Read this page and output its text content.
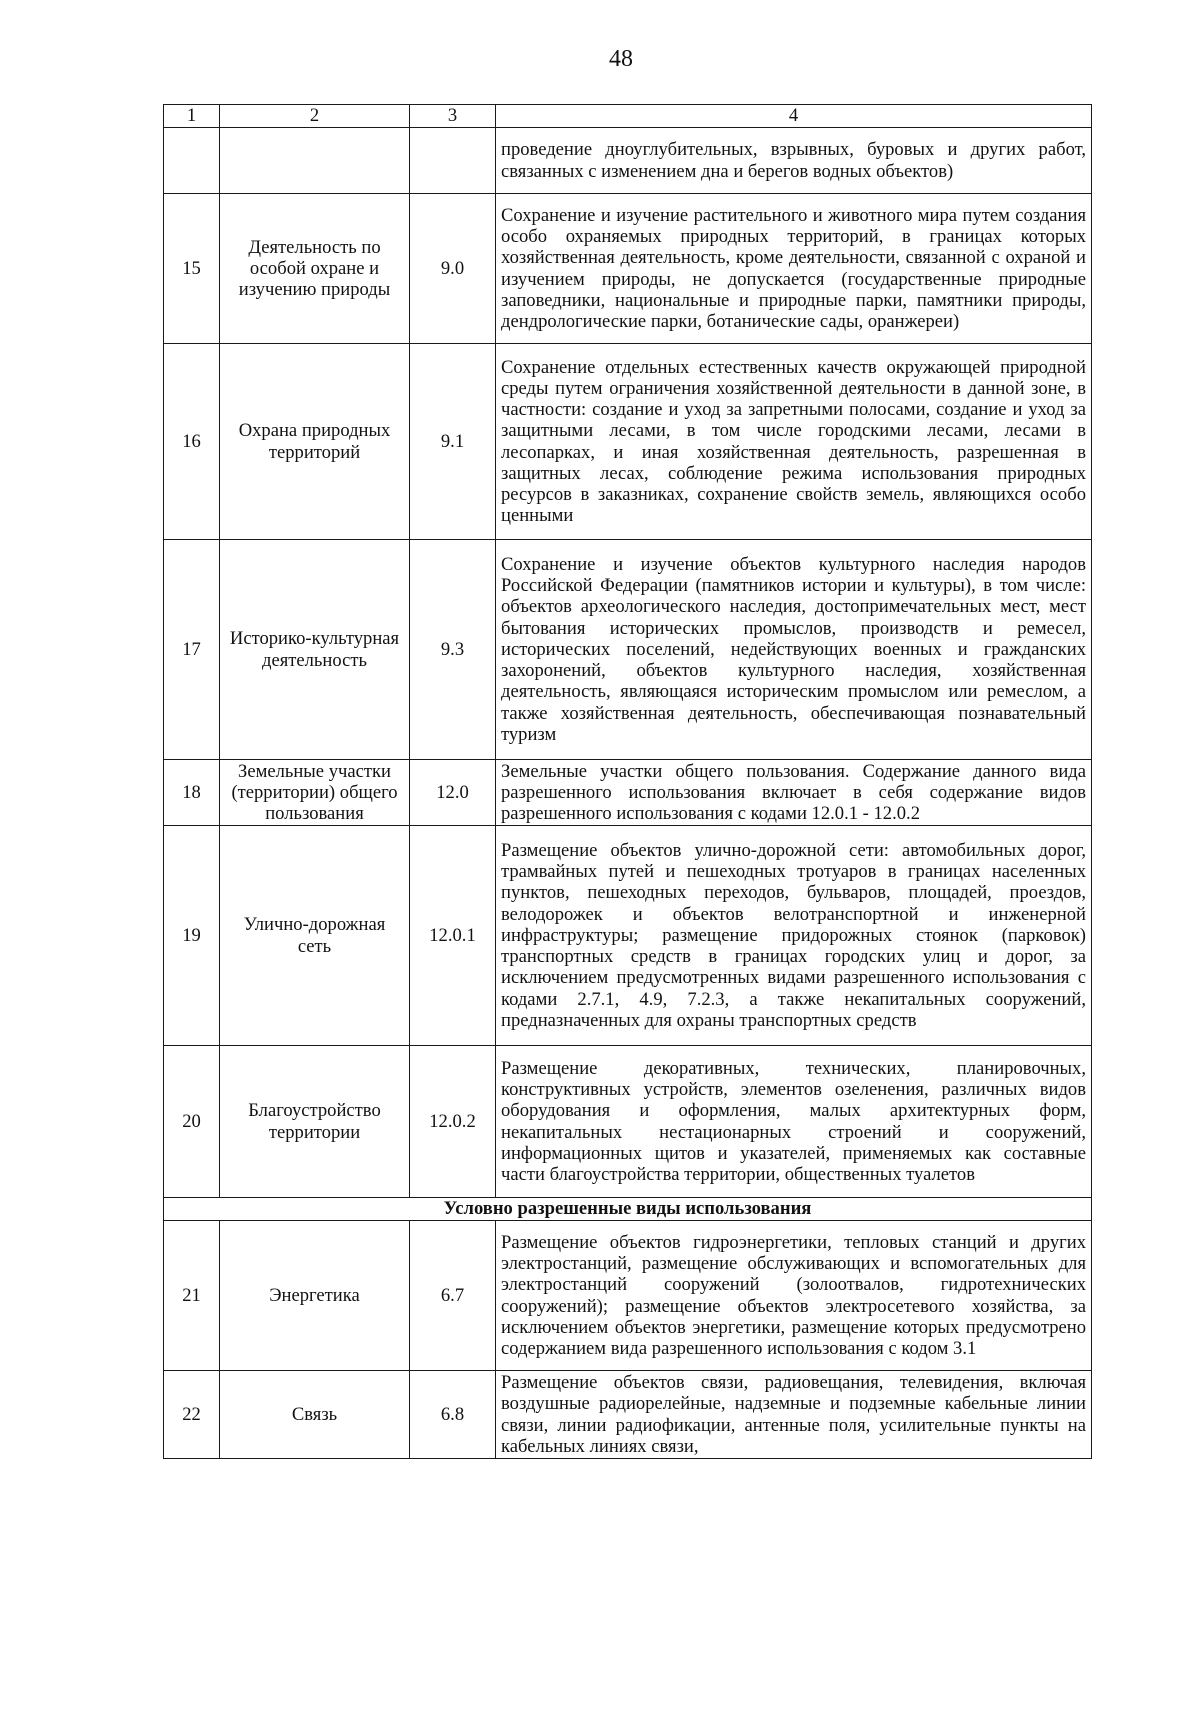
48
1	2	3	4
			проведение дноуглубительных, взрывных, буровых и других работ, связанных с изменением дна и берегов водных объектов)
15	Деятельность по особой охране и изучению природы	9.0	Сохранение и изучение растительного и животного мира путем создания особо охраняемых природных территорий, в границах которых хозяйственная деятельность, кроме деятельности, связанной с охраной и изучением природы, не допускается (государственные природные заповедники, национальные и природные парки, памятники природы, дендрологические парки, ботанические сады, оранжереи)
16	Охрана природных территорий	9.1	Сохранение отдельных естественных качеств окружающей природной среды путем ограничения хозяйственной деятельности в данной зоне, в частности: создание и уход за запретными полосами, создание и уход за защитными лесами, в том числе городскими лесами, лесами в лесопарках, и иная хозяйственная деятельность, разрешенная в защитных лесах, соблюдение режима использования природных ресурсов в заказниках, сохранение свойств земель, являющихся особо ценными
17	Историко-культурная деятельность	9.3	Сохранение и изучение объектов культурного наследия народов Российской Федерации (памятников истории и культуры), в том числе: объектов археологического наследия, достопримечательных мест, мест бытования исторических промыслов, производств и ремесел, исторических поселений, недействующих военных и гражданских захоронений, объектов культурного наследия, хозяйственная деятельность, являющаяся историческим промыслом или ремеслом, а также хозяйственная деятельность, обеспечивающая познавательный туризм
18	Земельные участки (территории) общего пользования	12.0	Земельные участки общего пользования. Содержание данного вида разрешенного использования включает в себя содержание видов разрешенного использования с кодами 12.0.1 - 12.0.2
19	Улично-дорожная сеть	12.0.1	Размещение объектов улично-дорожной сети: автомобильных дорог, трамвайных путей и пешеходных тротуаров в границах населенных пунктов, пешеходных переходов, бульваров, площадей, проездов, велодорожек и объектов велотранспортной и инженерной инфраструктуры; размещение придорожных стоянок (парковок) транспортных средств в границах городских улиц и дорог, за исключением предусмотренных видами разрешенного использования с кодами 2.7.1, 4.9, 7.2.3, а также некапитальных сооружений, предназначенных для охраны транспортных средств
20	Благоустройство территории	12.0.2	Размещение декоративных, технических, планировочных, конструктивных устройств, элементов озеленения, различных видов оборудования и оформления, малых архитектурных форм, некапитальных нестационарных строений и сооружений, информационных щитов и указателей, применяемых как составные части благоустройства территории, общественных туалетов
Условно разрешенные виды использования			
21	Энергетика	6.7	Размещение объектов гидроэнергетики, тепловых станций и других электростанций, размещение обслуживающих и вспомогательных для электростанций сооружений (золоотвалов, гидротехнических сооружений); размещение объектов электросетевого хозяйства, за исключением объектов энергетики, размещение которых предусмотрено содержанием вида разрешенного использования с кодом 3.1
22	Связь	6.8	Размещение объектов связи, радиовещания, телевидения, включая воздушные радиорелейные, надземные и подземные кабельные линии связи, линии радиофикации, антенные поля, усилительные пункты на кабельных линиях связи,
